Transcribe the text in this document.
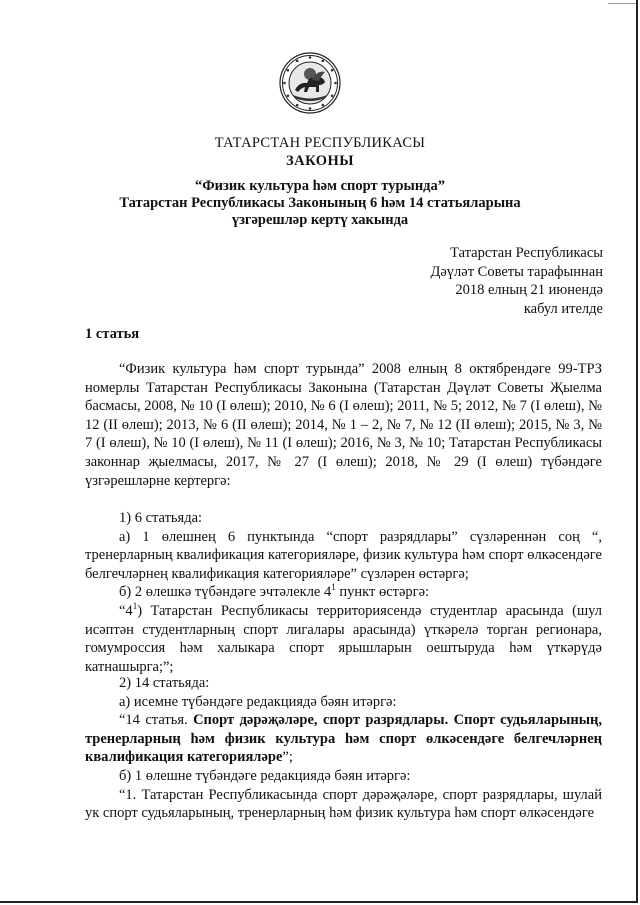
ТАТАРСТАН РЕСПУБЛИКАСЫ
ЗАКОНЫ
“Физик культура һәм спорт турында”
Татарстан Республикасы Законының 6 һәм 14 статьяларына
үзгәрешләр кертү хакында
Татарстан Республикасы
Дәүләт Советы тарафыннан
2018 елның 21 июнендә
кабул ителде
1 статья
“Физик культура һәм спорт турында” 2008 елның 8 октябрендәге 99-ТРЗ номерлы Татарстан Республикасы Законына (Татарстан Дәүләт Советы Җыелма басмасы, 2008, № 10 (I өлеш); 2010, № 6 (I өлеш); 2011, № 5; 2012, № 7 (I өлеш), № 12 (II өлеш); 2013, № 6 (II өлеш); 2014, № 1 – 2, № 7, № 12 (II өлеш); 2015, № 3, № 7 (I өлеш), № 10 (I өлеш), № 11 (I өлеш); 2016, № 3, № 10; Татарстан Республикасы законнар җыелмасы, 2017, № 27 (I өлеш); 2018, № 29 (I өлеш) түбәндәге үзгәрешләрне кертергә:
1) 6 статьяда:
а) 1 өлешнең 6 пунктында “спорт разрядлары” сүзләреннән соң “, тренерларның квалификация категорияләре, физик культура һәм спорт өлкәсендәге белгечләрнең квалификация категорияләре” сүзләрен өстәргә;
б) 2 өлешкә түбәндәге эчтәлекле $4^1$ пункт өстәргә:
“$4^1$) Татарстан Республикасы территориясендә студентлар арасында (шул исәптән студентларның спорт лигалары арасында) үткәрелә торган регионара, гомумроссия һәм халыкара спорт ярышларын оештыруда һәм үткәрүдә катнашырга;”;
2) 14 статьяда:
а) исемне түбәндәге редакциядә бәян итәргә:
“14 статья. Спорт дәрәҗәләре, спорт разрядлары. Спорт судьяларының, тренерларның һәм физик культура һәм спорт өлкәсендәге белгечләрнең квалификация категорияләре”;
б) 1 өлешне түбәндәге редакциядә бәян итәргә:
“1. Татарстан Республикасында спорт дәрәҗәләре, спорт разрядлары, шулай ук спорт судьяларының, тренерларның һәм физик культура һәм спорт өлкәсендәге
